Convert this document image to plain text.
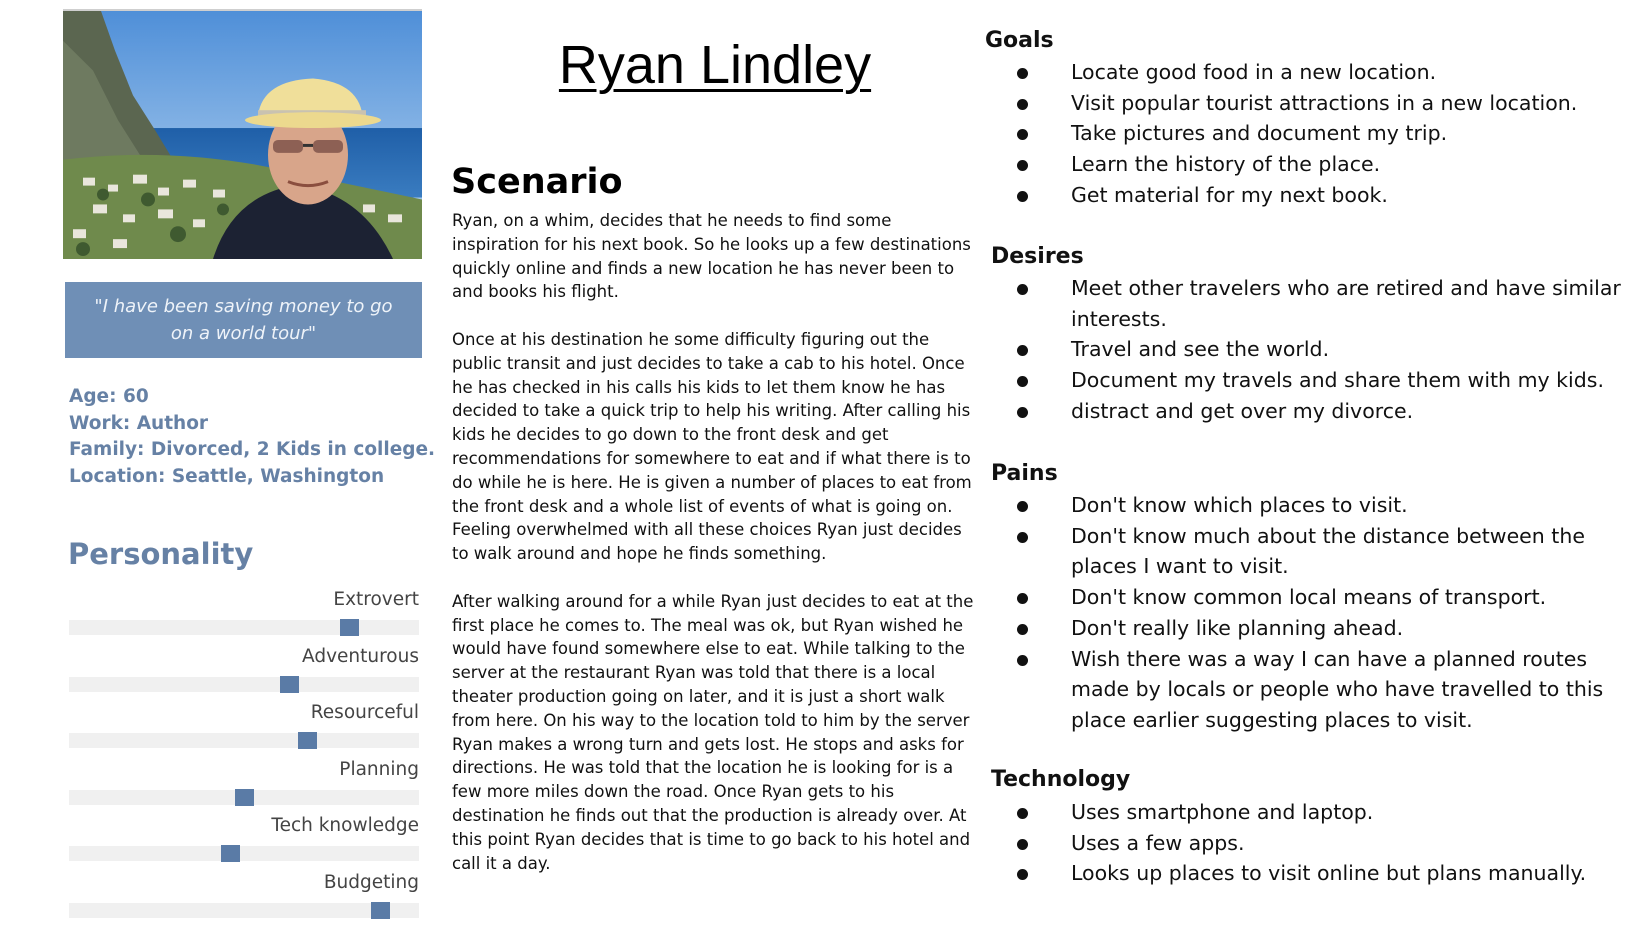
"I have been saving money to go on a world tour"
Age: 60
Work: Author
Family: Divorced, 2 Kids in college.
Location: Seattle, Washington
Personality
Extrovert
Adventurous
Resourceful
Planning
Tech knowledge
Budgeting
Ryan Lindley
Scenario

Ryan, on a whim, decides that he needs to find some inspiration for his next book. So he looks up a few destinations quickly online and finds a new location he has never been to and books his flight.

Once at his destination he some difficulty figuring out the public transit and just decides to take a cab to his hotel. Once he has checked in his calls his kids to let them know he has decided to take a quick trip to help his writing. After calling his kids he decides to go down to the front desk and get recommendations for somewhere to eat and if what there is to do while he is here. He is given a number of places to eat from the front desk and a whole list of events of what is going on. Feeling overwhelmed with all these choices Ryan just decides to walk around and hope he finds something.

After walking around for a while Ryan just decides to eat at the first place he comes to. The meal was ok, but Ryan wished he would have found somewhere else to eat. While talking to the server at the restaurant Ryan was told that there is a local theater production going on later, and it is just a short walk from here. On his way to the location told to him by the server Ryan makes a wrong turn and gets lost. He stops and asks for directions. He was told that the location he is looking for is a few more miles down the road. Once Ryan gets to his destination he finds out that the production is already over. At this point Ryan decides that is time to go back to his hotel and call it a day.

Goals
Locate good food in a new location.
Visit popular tourist attractions in a new location.
Take pictures and document my trip.
Learn the history of the place.
Get material for my next book.
Desires
Meet other travelers who are retired and have similar interests.
Travel and see the world.
Document my travels and share them with my kids.
distract and get over my divorce.
Pains
Don't know which places to visit.
Don't know much about the distance between the places I want to visit.
Don't know common local means of transport.
Don't really like planning ahead.
Wish there was a way I can have a planned routes made by locals or people who have travelled to this place earlier suggesting places to visit.
Technology
Uses smartphone and laptop.
Uses a few apps.
Looks up places to visit online but plans manually.
